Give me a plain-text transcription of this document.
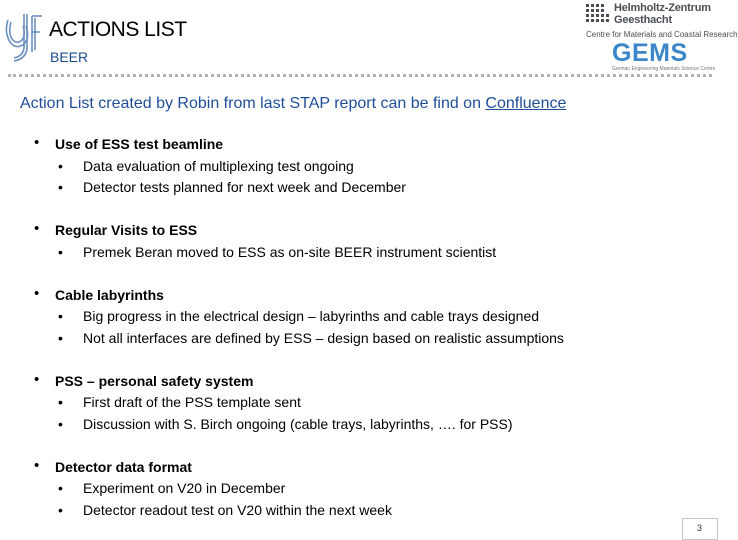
ACTIONS LIST
BEER
Helmholtz-Zentrum
Geesthacht
Centre for Materials and Coastal Research
GEMS
German Engineering Materials Science Centre
Action List created by Robin from last STAP report can be find on Confluence
• Use of ESS test beamline
• Data evaluation of multiplexing test ongoing
• Detector tests planned for next week and December
• Regular Visits to ESS
• Premek Beran moved to ESS as on-site BEER instrument scientist
• Cable labyrinths
• Big progress in the electrical design – labyrinths and cable trays designed
• Not all interfaces are defined by ESS – design based on realistic assumptions
• PSS – personal safety system
• First draft of the PSS template sent
• Discussion with S. Birch ongoing (cable trays, labyrinths, …. for PSS)
• Detector data format
• Experiment on V20 in December
• Detector readout test on V20 within the next week
3
